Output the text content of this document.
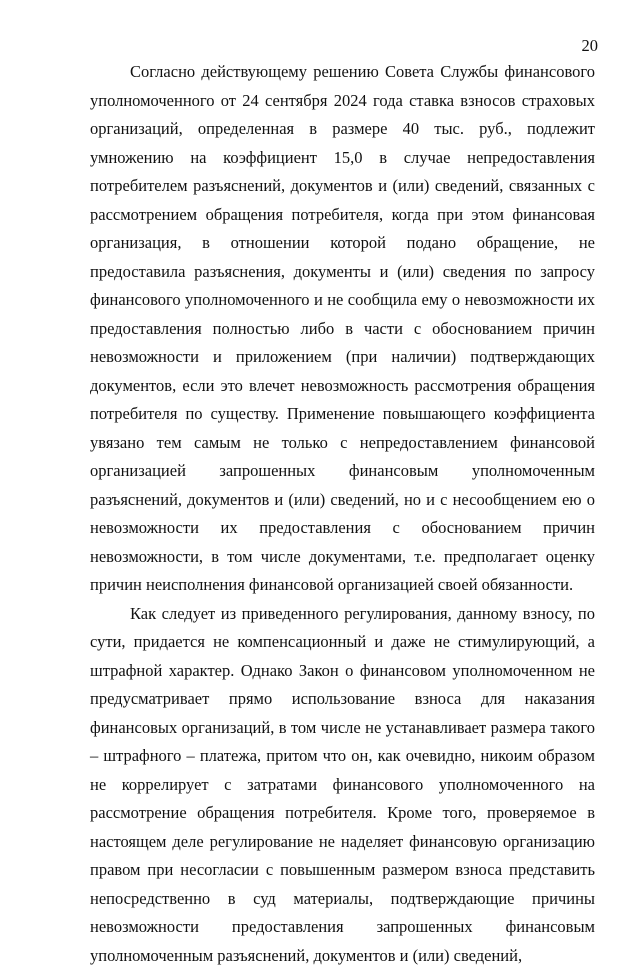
20

Согласно действующему решению Совета Службы финансового уполномоченного от 24 сентября 2024 года ставка взносов страховых организаций, определенная в размере 40 тыс. руб., подлежит умножению на коэффициент 15,0 в случае непредоставления потребителем разъяснений, документов и (или) сведений, связанных с рассмотрением обращения потребителя, когда при этом финансовая организация, в отношении которой подано обращение, не предоставила разъяснения, документы и (или) сведения по запросу финансового уполномоченного и не сообщила ему о невозможности их предоставления полностью либо в части с обоснованием причин невозможности и приложением (при наличии) подтверждающих документов, если это влечет невозможность рассмотрения обращения потребителя по существу. Применение повышающего коэффициента увязано тем самым не только с непредоставлением финансовой организацией запрошенных финансовым уполномоченным разъяснений, документов и (или) сведений, но и с несообщением ею о невозможности их предоставления с обоснованием причин невозможности, в том числе документами, т.е. предполагает оценку причин неисполнения финансовой организацией своей обязанности.

Как следует из приведенного регулирования, данному взносу, по сути, придается не компенсационный и даже не стимулирующий, а штрафной характер. Однако Закон о финансовом уполномоченном не предусматривает прямо использование взноса для наказания финансовых организаций, в том числе не устанавливает размера такого – штрафного – платежа, притом что он, как очевидно, никоим образом не коррелирует с затратами финансового уполномоченного на рассмотрение обращения потребителя. Кроме того, проверяемое в настоящем деле регулирование не наделяет финансовую организацию правом при несогласии с повышенным размером взноса представить непосредственно в суд материалы, подтверждающие причины невозможности предоставления запрошенных финансовым уполномоченным разъяснений, документов и (или) сведений,
